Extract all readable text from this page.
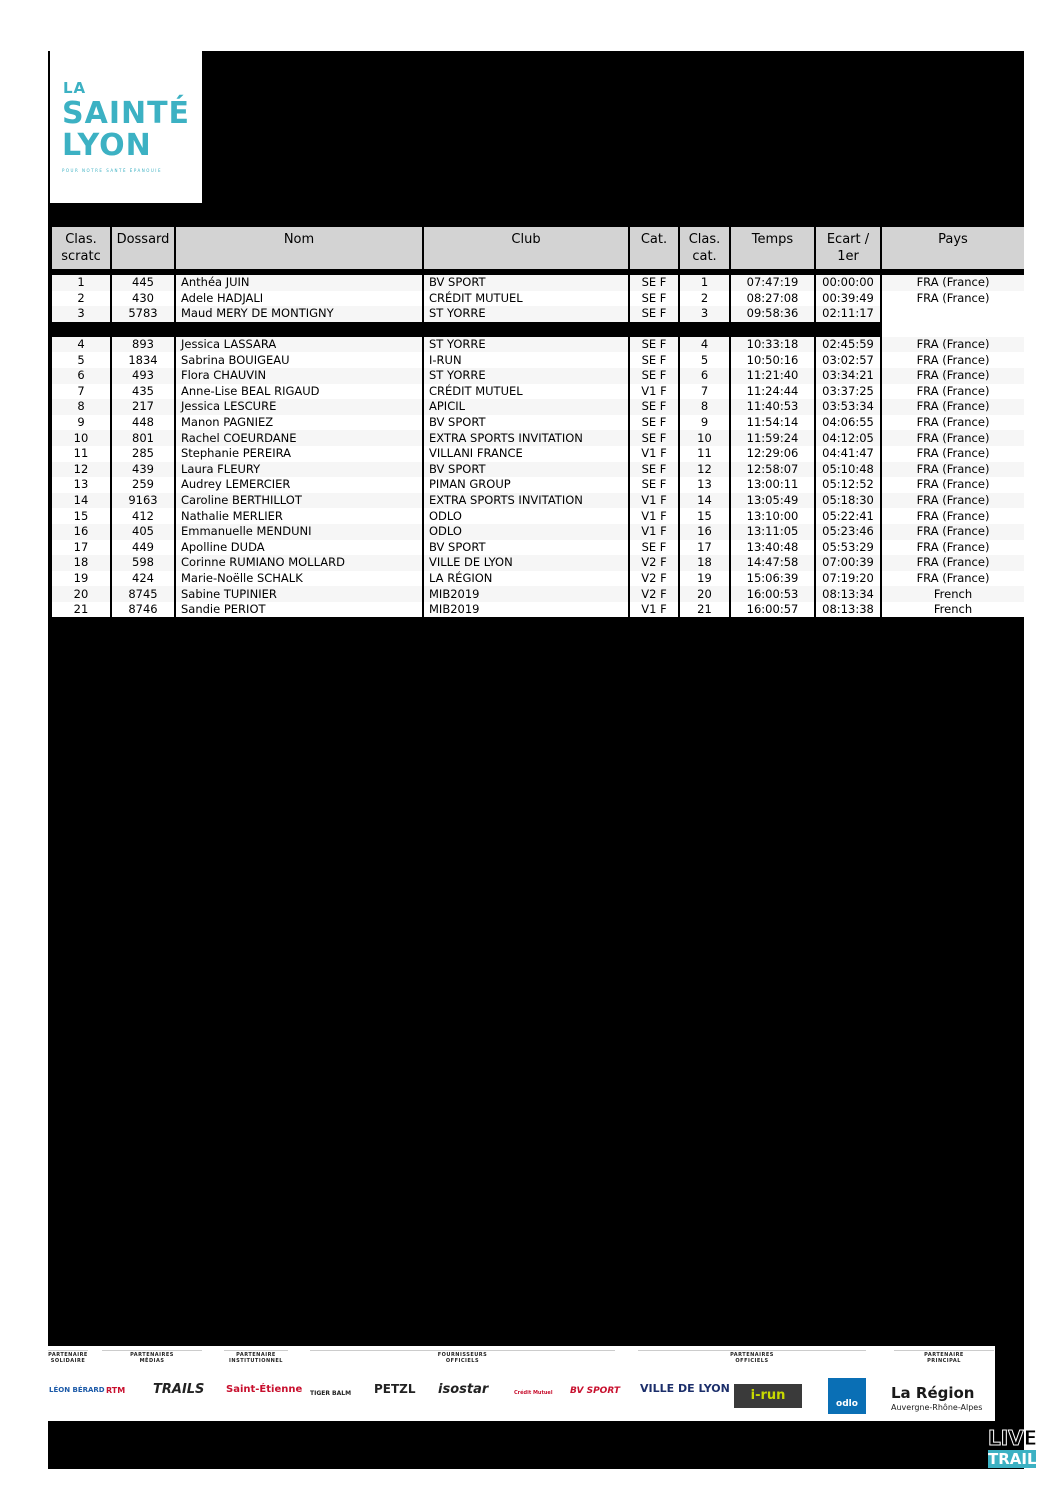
LA
SAINTÉ
LYON
POUR NOTRE SANTÉ ÉPANOUIE
Clas.
scratc	Dossard	Nom	Club	Cat.	Clas.
cat.	Temps	Ecart /
1er	Pays

1	445	Anthéa JUIN	BV SPORT	SE F	1	07:47:19	00:00:00	FRA (France)
2	430	Adele HADJALI	CRÉDIT MUTUEL	SE F	2	08:27:08	00:39:49	FRA (France)
3	5783	Maud MERY DE MONTIGNY	ST YORRE	SE F	3	09:58:36	02:11:17	

4	893	Jessica LASSARA	ST YORRE	SE F	4	10:33:18	02:45:59	FRA (France)
5	1834	Sabrina BOUIGEAU	I-RUN	SE F	5	10:50:16	03:02:57	FRA (France)
6	493	Flora CHAUVIN	ST YORRE	SE F	6	11:21:40	03:34:21	FRA (France)
7	435	Anne-Lise BEAL RIGAUD	CRÉDIT MUTUEL	V1 F	7	11:24:44	03:37:25	FRA (France)
8	217	Jessica LESCURE	APICIL	SE F	8	11:40:53	03:53:34	FRA (France)
9	448	Manon PAGNIEZ	BV SPORT	SE F	9	11:54:14	04:06:55	FRA (France)
10	801	Rachel COEURDANE	EXTRA SPORTS INVITATION	SE F	10	11:59:24	04:12:05	FRA (France)
11	285	Stephanie PEREIRA	VILLANI FRANCE	V1 F	11	12:29:06	04:41:47	FRA (France)
12	439	Laura FLEURY	BV SPORT	SE F	12	12:58:07	05:10:48	FRA (France)
13	259	Audrey LEMERCIER	PIMAN GROUP	SE F	13	13:00:11	05:12:52	FRA (France)
14	9163	Caroline BERTHILLOT	EXTRA SPORTS INVITATION	V1 F	14	13:05:49	05:18:30	FRA (France)
15	412	Nathalie MERLIER	ODLO	V1 F	15	13:10:00	05:22:41	FRA (France)
16	405	Emmanuelle MENDUNI	ODLO	V1 F	16	13:11:05	05:23:46	FRA (France)
17	449	Apolline DUDA	BV SPORT	SE F	17	13:40:48	05:53:29	FRA (France)
18	598	Corinne RUMIANO MOLLARD	VILLE DE LYON	V2 F	18	14:47:58	07:00:39	FRA (France)
19	424	Marie-Noëlle SCHALK	LA RÉGION	V2 F	19	15:06:39	07:19:20	FRA (France)
20	8745	Sabine TUPINIER	MIB2019	V2 F	20	16:00:53	08:13:34	French
21	8746	Sandie PERIOT	MIB2019	V1 F	21	16:00:57	08:13:38	French
PARTENAIRE
SOLIDAIRE
PARTENAIRES
MÉDIAS
PARTENAIRE
INSTITUTIONNEL
FOURNISSEURS
OFFICIELS
PARTENAIRES
OFFICIELS
PARTENAIRE
PRINCIPAL
LÉON BÉRARD RTM TRAILS Saint-Étienne TIGER BALM PETZL isostar	Crédit Mutuel BV SPORT VILLE DE LYON	i-run
odlo
La Région
Auvergne-Rhône-Alpes
LIVE
TRAIL
